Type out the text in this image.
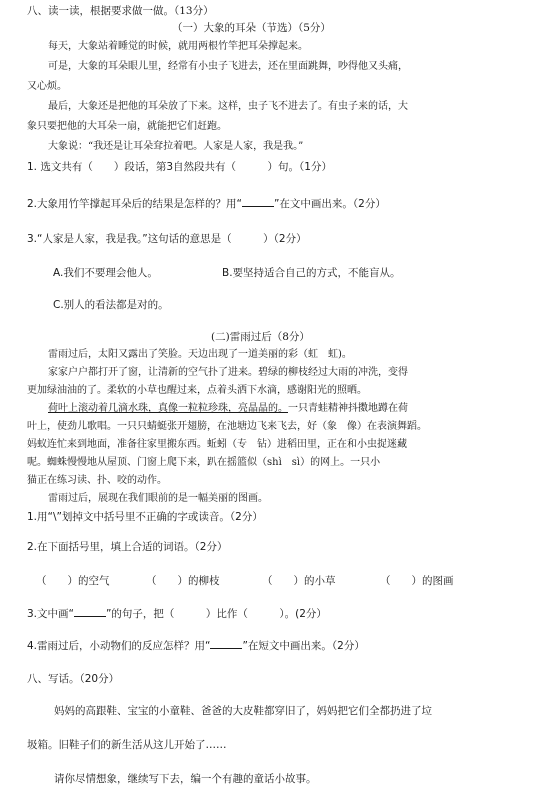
八、读一读，根据要求做一做。（13分）
（一）大象的耳朵（节选）（5分）
每天，大象站着睡觉的时候，就用两根竹竿把耳朵撑起来。
可是，大象的耳朵眼儿里，经常有小虫子飞进去，还在里面跳舞，吵得他又头痛，
又心烦。
最后，大象还是把他的耳朵放了下来。这样，虫子飞不进去了。有虫子来的话，大
象只要把他的大耳朵一扇，就能把它们赶跑。
大象说：“我还是让耳朵耷拉着吧。人家是人家，我是我。”
1. 选文共有（　　）段话，第3自然段共有（　　　）句。（1分）
2.大象用竹竿撑起耳朵后的结果是怎样的？用“	”在文中画出来。（2分）
3.“人家是人家，我是我。”这句话的意思是（　　　）（2分）
A.我们不要理会他人。	B.要坚持适合自己的方式，不能盲从。
C.别人的看法都是对的。
(二)雷雨过后（8分）
雷雨过后，太阳又露出了笑脸。天边出现了一道美丽的彩（虹　虹)。
家家户户都打开了窗，让清新的空气扑了进来。碧绿的柳枝经过大雨的冲洗，变得
更加绿油油的了。柔软的小草也醒过来，点着头洒下水滴，感谢阳光的照晒。
荷叶上滚动着几滴水珠，真像一粒粒珍珠，亮晶晶的。一只青蛙精神抖擞地蹲在荷
叶上，使劲儿歌唱。一只只蜻蜓张开翅膀，在池塘边飞来飞去，好（象　像）在表演舞蹈。
妈蚁连忙来到地面，准备往家里搬东西。蚯蚓（专　钻）进稻田里，正在和小虫捉迷藏
呢。蜘蛛慢慢地从屋顶、门窗上爬下来，趴在摇篮似（shì　sì）的网上。一只小
猫正在练习读、扑、咬的动作。
雷雨过后，展现在我们眼前的是一幅美丽的图画。
1.用“\”划掉文中括号里不正确的字或读音。（2分）
2.在下面括号里，填上合适的词语。（2分）
（　　）的空气	（　　）的柳枝	（　　）的小草	（　　）的图画
3.文中画“	”的句子，把（　　　）比作（　　　）。(2分）
4.雷雨过后，小动物们的反应怎样？用“	”在短文中画出来。（2分）
八、写话。（20分）
妈妈的高跟鞋、宝宝的小童鞋、爸爸的大皮鞋都穿旧了，妈妈把它们全都扔进了垃
圾箱。旧鞋子们的新生活从这儿开始了……
请你尽情想象，继续写下去，编一个有趣的童话小故事。
